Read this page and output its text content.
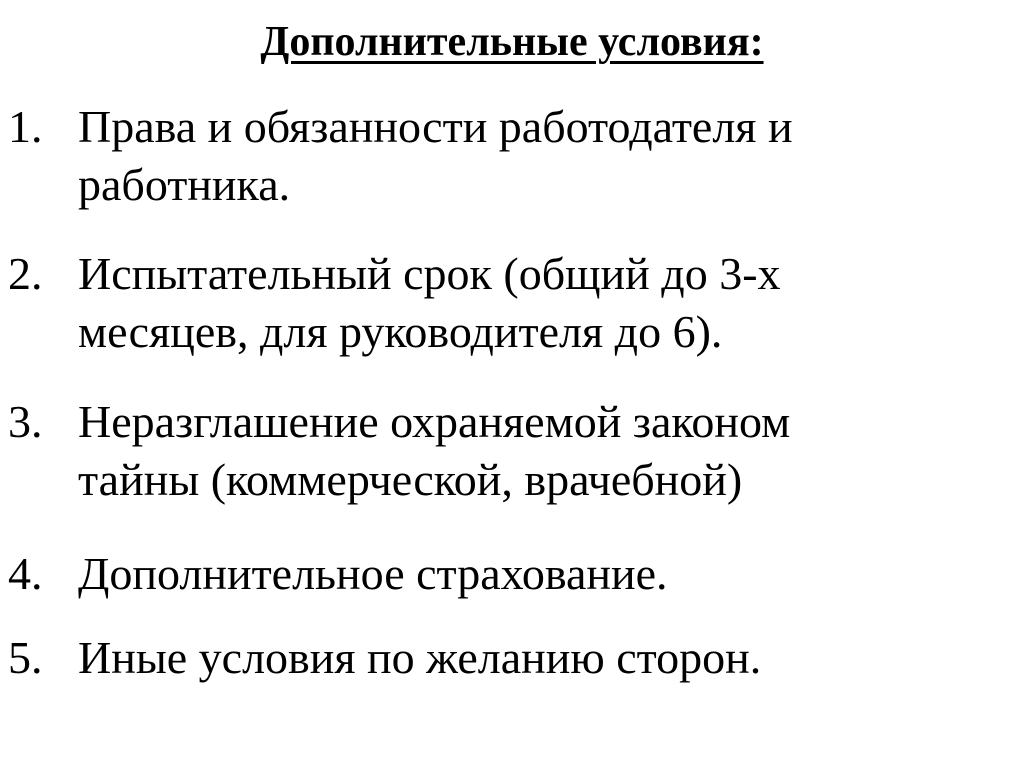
Дополнительные условия:
1. Права и обязанности работодателя и
работника.
2. Испытательный срок (общий до 3-х
месяцев, для руководителя до 6).
3. Неразглашение охраняемой законом
тайны (коммерческой, врачебной)
4. Дополнительное страхование.
5. Иные условия по желанию сторон.
